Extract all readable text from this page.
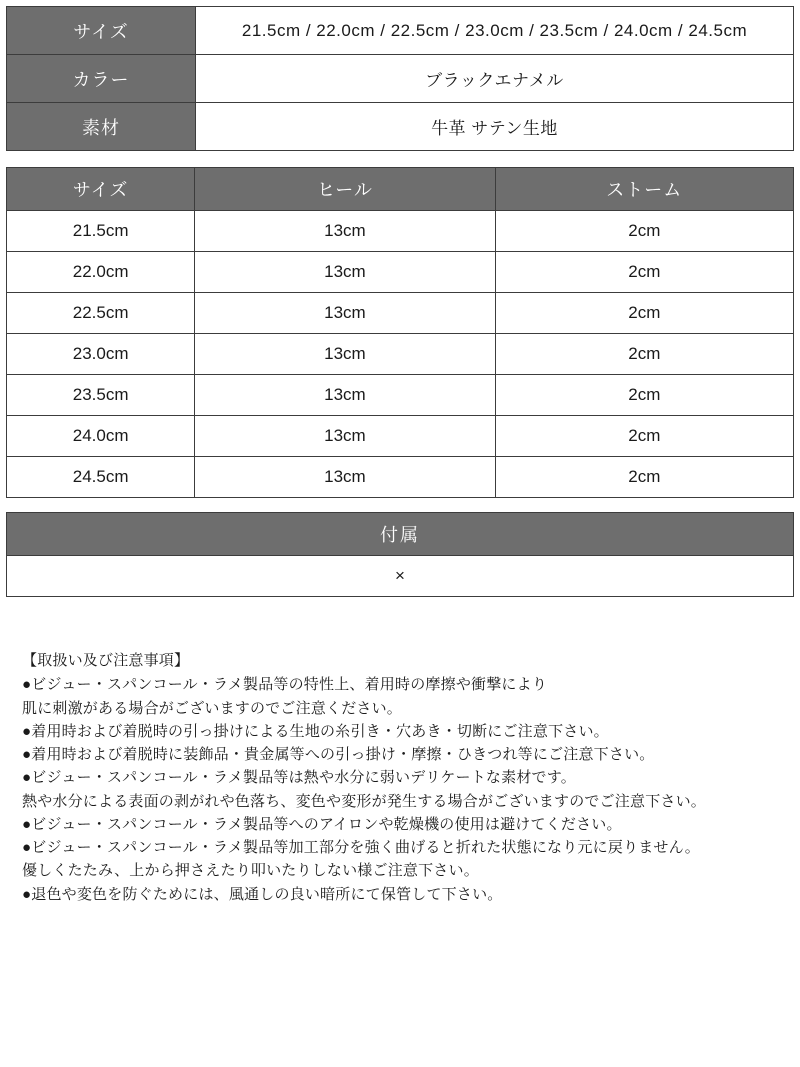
サイズ	21.5cm / 22.0cm / 22.5cm / 23.0cm / 23.5cm / 24.0cm / 24.5cm
カラー	ブラックエナメル
素材	牛革 サテン生地
サイズ	ヒール	ストーム
21.5cm	13cm	2cm
22.0cm	13cm	2cm
22.5cm	13cm	2cm
23.0cm	13cm	2cm
23.5cm	13cm	2cm
24.0cm	13cm	2cm
24.5cm	13cm	2cm
付属
×
【取扱い及び注意事項】
●ビジュー・スパンコール・ラメ製品等の特性上、着用時の摩擦や衝撃により
肌に刺激がある場合がございますのでご注意ください。
●着用時および着脱時の引っ掛けによる生地の糸引き・穴あき・切断にご注意下さい。
●着用時および着脱時に装飾品・貴金属等への引っ掛け・摩擦・ひきつれ等にご注意下さい。
●ビジュー・スパンコール・ラメ製品等は熱や水分に弱いデリケートな素材です。
熱や水分による表面の剥がれや色落ち、変色や変形が発生する場合がございますのでご注意下さい。
●ビジュー・スパンコール・ラメ製品等へのアイロンや乾燥機の使用は避けてください。
●ビジュー・スパンコール・ラメ製品等加工部分を強く曲げると折れた状態になり元に戻りません。
優しくたたみ、上から押さえたり叩いたりしない様ご注意下さい。
●退色や変色を防ぐためには、風通しの良い暗所にて保管して下さい。
